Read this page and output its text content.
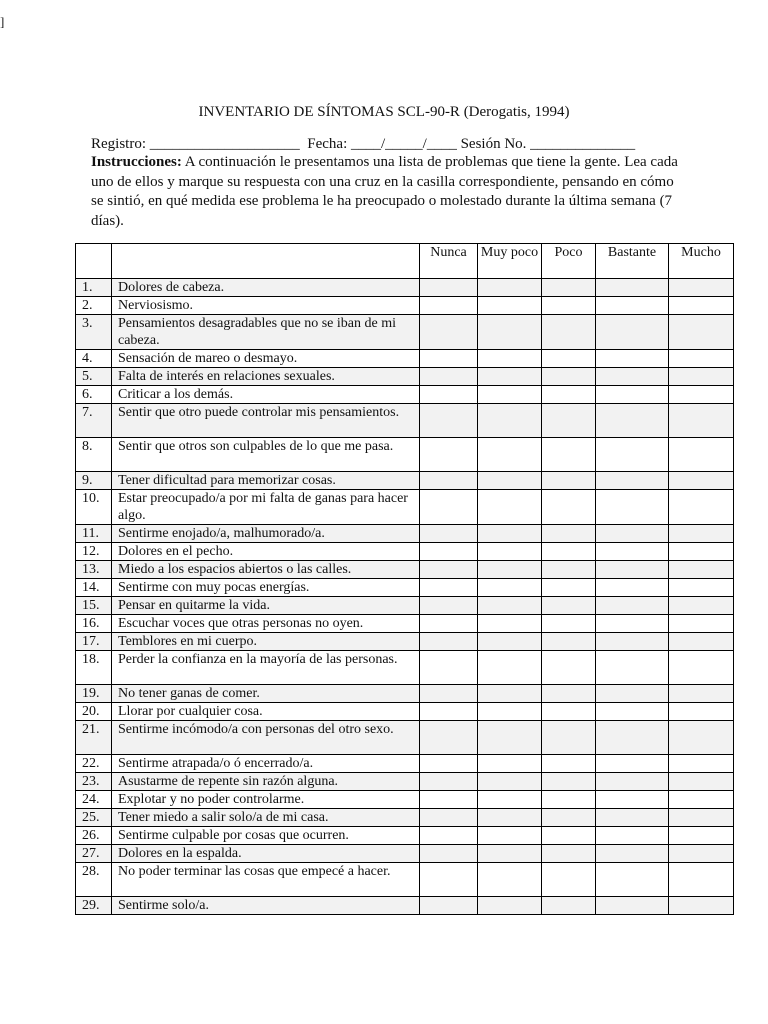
]
INVENTARIO DE SÍNTOMAS SCL-90-R (Derogatis, 1994)
Registro: ____________________  Fecha: ____/_____/____ Sesión No. ______________
Instrucciones: A continuación le presentamos una lista de problemas que tiene la gente. Lea cada uno de ellos y marque su respuesta con una cruz en la casilla correspondiente, pensando en cómo se sintió, en qué medida ese problema le ha preocupado o molestado durante la última semana (7 días).
		Nunca	Muy poco	Poco	Bastante	Mucho
1.	Dolores de cabeza.					
2.	Nerviosismo.					
3.	Pensamientos desagradables que no se iban de mi cabeza.					
4.	Sensación de mareo o desmayo.					
5.	Falta de interés en relaciones sexuales.					
6.	Criticar a los demás.					
7.	Sentir que otro puede controlar mis pensamientos.					
8.	Sentir que otros son culpables de lo que me pasa.					
9.	Tener dificultad para memorizar cosas.					
10.	Estar preocupado/a por mi falta de ganas para hacer algo.					
11.	Sentirme enojado/a, malhumorado/a.					
12.	Dolores en el pecho.					
13.	Miedo a los espacios abiertos o las calles.					
14.	Sentirme con muy pocas energías.					
15.	Pensar en quitarme la vida.					
16.	Escuchar voces que otras personas no oyen.					
17.	Temblores en mi cuerpo.					
18.	Perder la confianza en la mayoría de las personas.					
19.	No tener ganas de comer.					
20.	Llorar por cualquier cosa.					
21.	Sentirme incómodo/a con personas del otro sexo.					
22.	Sentirme atrapada/o ó encerrado/a.					
23.	Asustarme de repente sin razón alguna.					
24.	Explotar y no poder controlarme.					
25.	Tener miedo a salir solo/a de mi casa.					
26.	Sentirme culpable por cosas que ocurren.					
27.	Dolores en la espalda.					
28.	No poder terminar las cosas que empecé a hacer.					
29.	Sentirme solo/a.					
